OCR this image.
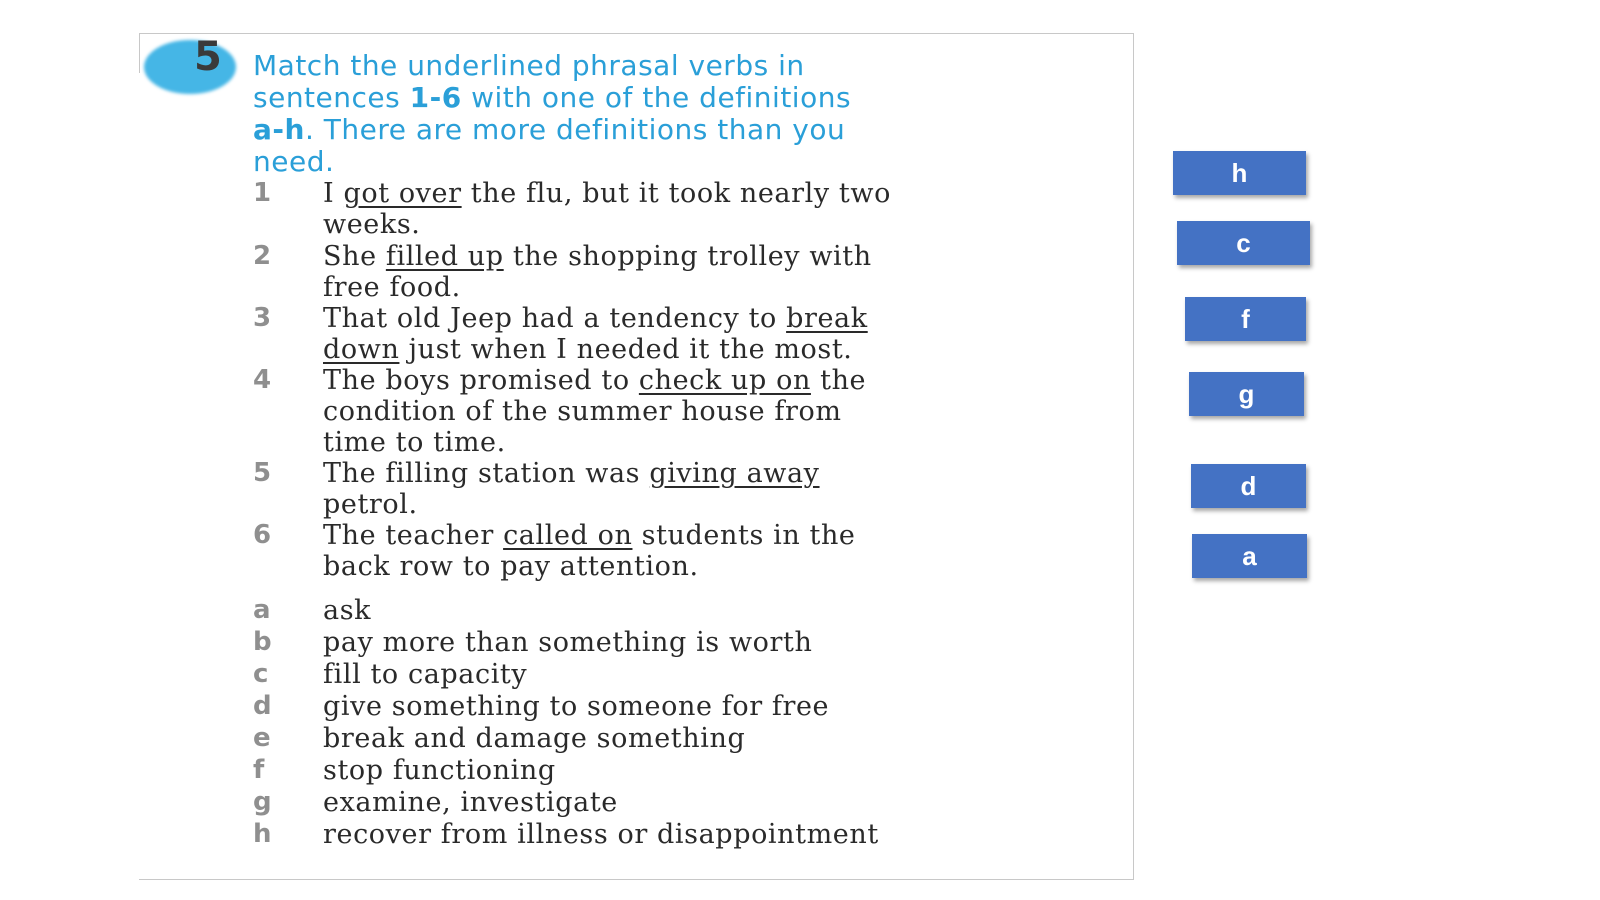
5 Match the underlined phrasal verbs in
sentences 1-6 with one of the definitions
a-h. There are more definitions than you
need.
1	I got over the flu, but it took nearly two
weeks.
2	She filled up the shopping trolley with
free food.
3	That old Jeep had a tendency to break
down just when I needed it the most.
4	The boys promised to check up on the
condition of the summer house from
time to time.
5	The filling station was giving away
petrol.
6	The teacher called on students in the
back row to pay attention.
a	ask
b	pay more than something is worth
c	fill to capacity
d	give something to someone for free
e	break and damage something
f	stop functioning
g	examine, investigate
h	recover from illness or disappointment
h
c
f
g
d
a
